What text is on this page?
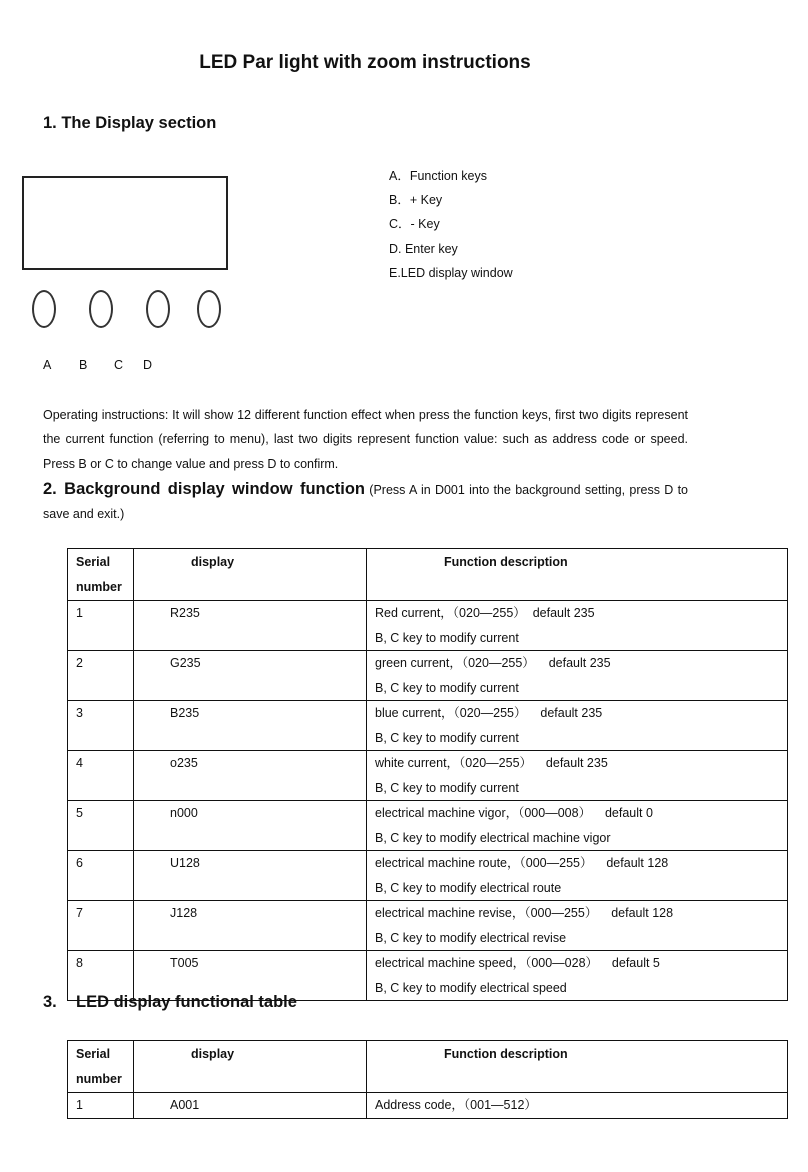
LED Par light with zoom instructions
1. The Display section
A B C D
A．Function keys
B．+ Key
C．- Key
D. Enter key
E.LED display window
Operating instructions: It will show 12 different function effect when press the function keys, first two digits represent the current function (referring to menu), last two digits represent function value: such as address code or speed. Press B or C to change value and press D to confirm.
2. Background display window function (Press A in D001 into the background setting, press D to save and exit.)
Serial
number	display	Function description
1	R235	Red current，（020—255）  default 235
B, C key to modify current

2	G235	green current，（020—255）    default 235
B, C key to modify current

3	B235	blue current，（020—255）    default 235
B, C key to modify current

4	o235	white current，（020—255）    default 235
B, C key to modify current

5	n000	electrical machine vigor，（000—008）    default 0
B, C key to modify electrical machine vigor

6	U128	electrical machine route，（000—255）    default 128
B, C key to modify electrical route

7	J128	electrical machine revise，（000—255）    default 128
B, C key to modify electrical revise

8	T005	electrical machine speed，（000—028）    default 5
B, C key to modify electrical speed
3. LED display functional table
Serial
number	display	Function description
1	A001	Address code，（001—512）
